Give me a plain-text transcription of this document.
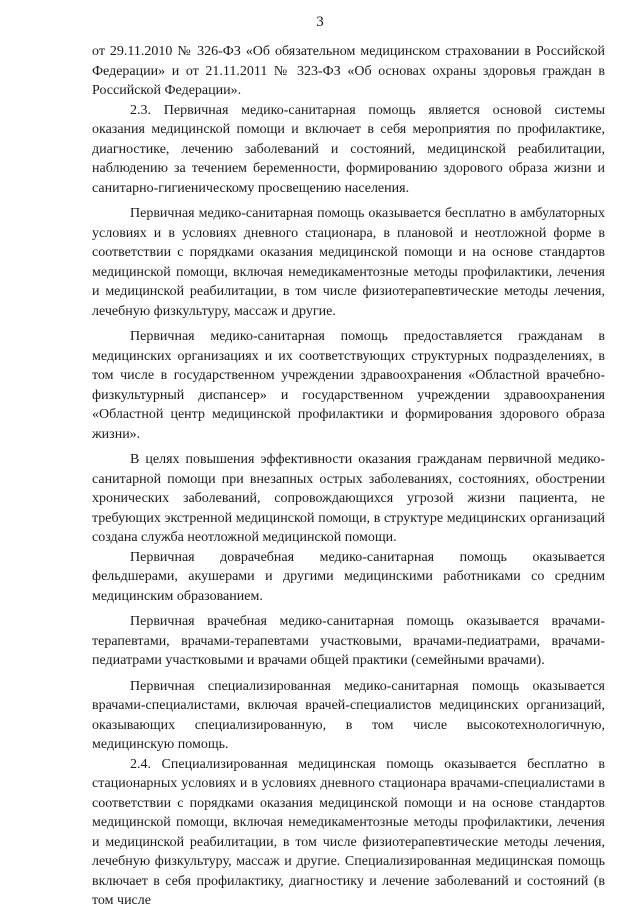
3

от 29.11.2010 № 326-ФЗ «Об обязательном медицинском страховании в Российской Федерации» и от 21.11.2011 № 323-ФЗ «Об основах охраны здоровья граждан в Российской Федерации».

2.3. Первичная медико-санитарная помощь является основой системы оказания медицинской помощи и включает в себя мероприятия по профилактике, диагностике, лечению заболеваний и состояний, медицинской реабилитации, наблюдению за течением беременности, формированию здорового образа жизни и санитарно-гигиеническому просвещению населения.

Первичная медико-санитарная помощь оказывается бесплатно в амбулаторных условиях и в условиях дневного стационара, в плановой и неотложной форме в соответствии с порядками оказания медицинской помощи и на основе стандартов медицинской помощи, включая немедикаментозные методы профилактики, лечения и медицинской реабилитации, в том числе физиотерапевтические методы лечения, лечебную физкультуру, массаж и другие.

Первичная медико-санитарная помощь предоставляется гражданам в медицинских организациях и их соответствующих структурных подразделениях, в том числе в государственном учреждении здравоохранения «Областной врачебно-физкультурный диспансер» и государственном учреждении здравоохранения «Областной центр медицинской профилактики и формирования здорового образа жизни».

В целях повышения эффективности оказания гражданам первичной медико-санитарной помощи при внезапных острых заболеваниях, состояниях, обострении хронических заболеваний, сопровождающихся угрозой жизни пациента, не требующих экстренной медицинской помощи, в структуре медицинских организаций создана служба неотложной медицинской помощи.

Первичная доврачебная медико-санитарная помощь оказывается фельдшерами, акушерами и другими медицинскими работниками со средним медицинским образованием.

Первичная врачебная медико-санитарная помощь оказывается врачами-терапевтами, врачами-терапевтами участковыми, врачами-педиатрами, врачами-педиатрами участковыми и врачами общей практики (семейными врачами).

Первичная специализированная медико-санитарная помощь оказывается врачами-специалистами, включая врачей-специалистов медицинских организаций, оказывающих специализированную, в том числе высокотехнологичную, медицинскую помощь.

2.4. Специализированная медицинская помощь оказывается бесплатно в стационарных условиях и в условиях дневного стационара врачами-специалистами в соответствии с порядками оказания медицинской помощи и на основе стандартов медицинской помощи, включая немедикаментозные методы профилактики, лечения и медицинской реабилитации, в том числе физиотерапевтические методы лечения, лечебную физкультуру, массаж и другие. Специализированная медицинская помощь включает в себя профилактику, диагностику и лечение заболеваний и состояний (в том числе
